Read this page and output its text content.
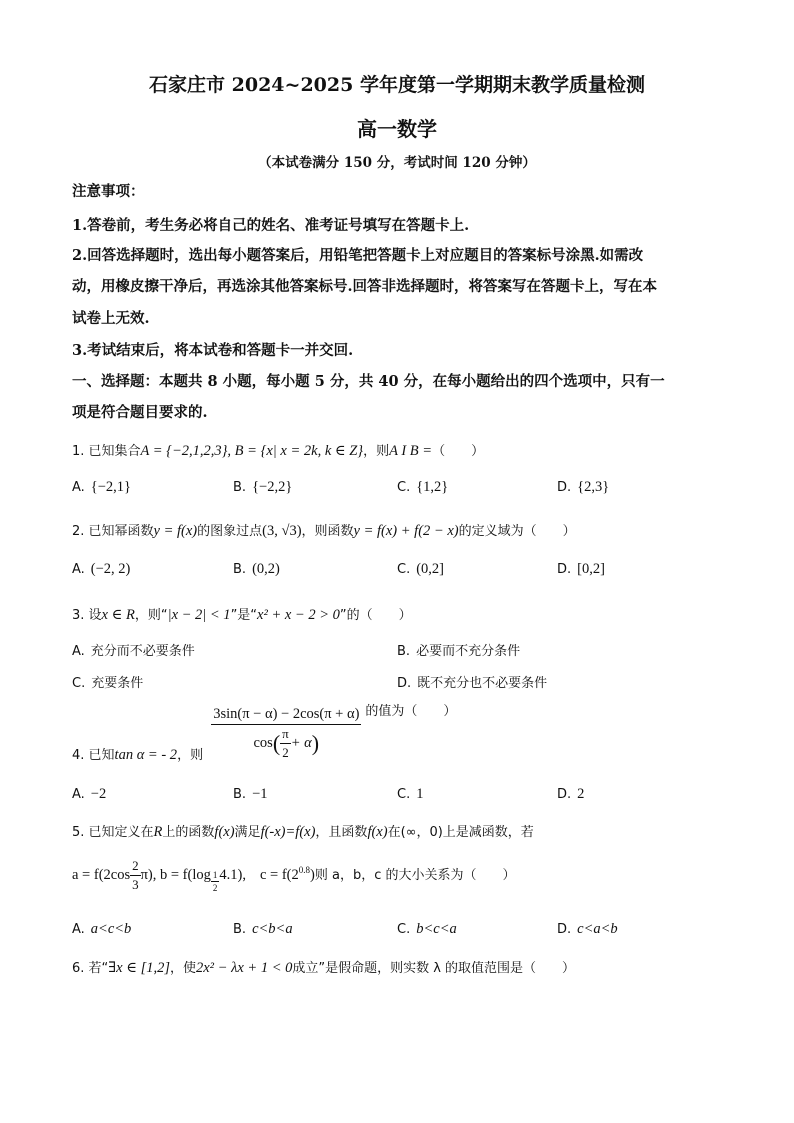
石家庄市 2024~2025 学年度第一学期期末教学质量检测
高一数学
（本试卷满分 150 分，考试时间 120 分钟）
注意事项：
1.答卷前，考生务必将自己的姓名、准考证号填写在答题卡上.
2.回答选择题时，选出每小题答案后，用铅笔把答题卡上对应题目的答案标号涂黑.如需改
动，用橡皮擦干净后，再选涂其他答案标号.回答非选择题时，将答案写在答题卡上，写在本
试卷上无效.
3.考试结束后，将本试卷和答题卡一并交回.
一、选择题：本题共 8 小题，每小题 5 分，共 40 分，在每小题给出的四个选项中，只有一
项是符合题目要求的.
1. 已知集合A = {−2,1,2,3}, B = {x| x = 2k, k ∈ Z}，则A I B =（　　）
A. {−2,1}	B. {−2,2}	C. {1,2}	D. {2,3}
2. 已知幂函数y = f(x)的图象过点(3, √3)，则函数y = f(x) + f(2 − x)的定义域为（　　）
A. (−2, 2)	B. (0,2)	C. (0,2]	D. [0,2]
3. 设x ∈ R，则“|x − 2| < 1”是“x² + x − 2 > 0”的（　　）
A. 充分而不必要条件	B. 必要而不充分条件
C. 充要条件	D. 既不充分也不必要条件
4. 已知tan α = - 2，则 $\frac{3\sin(\pi - \alpha) - 2\cos(\pi + \alpha)}{\cos( \frac{\pi}{2} + \alpha)}$ 的值为（　　）
A. −2	B. −1	C. 1	D. 2
5. 已知定义在R上的函数f(x)满足f(-x)=f(x)，且函数f(x)在(∞，0)上是减函数，若
$a = f(2\cos \frac{2}{3} \pi)$, $b = f(\log \frac{1}{2} 4.1)$, $c = f(2^{0.8})$则 a，b，c 的大小关系为（　　）
A. a<c<b	B. c<b<a	C. b<c<a	D. c<a<b
6. 若“∃x ∈ [1,2]，使2x² − λx + 1 < 0成立”是假命题，则实数 λ 的取值范围是（　　）
